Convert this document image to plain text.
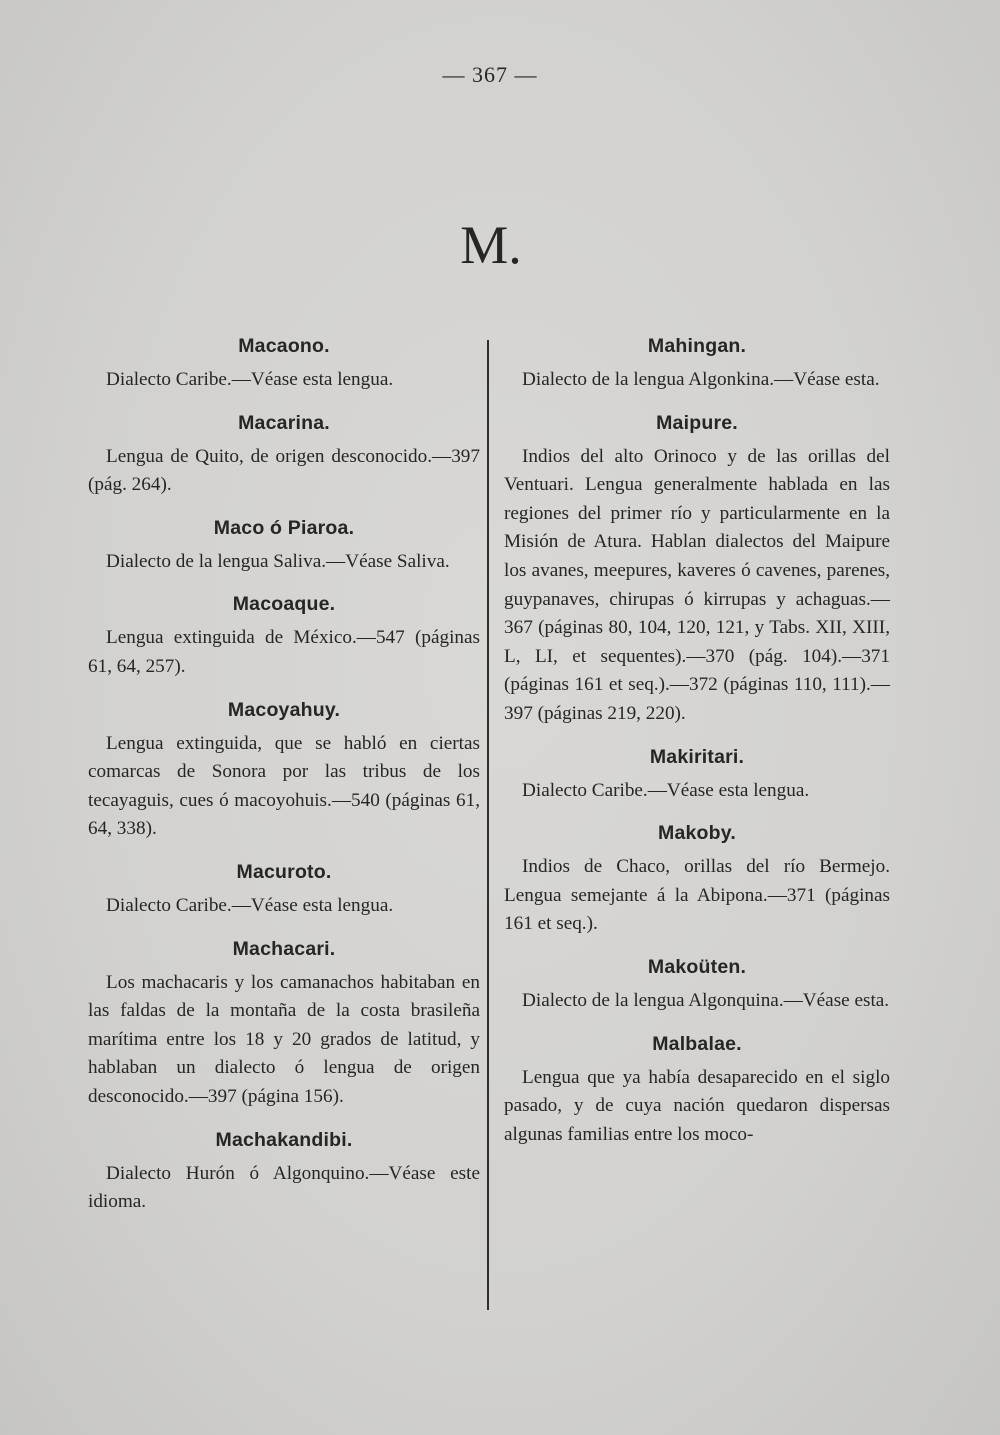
— 367 —
M.
Macaono.
Dialecto Caribe.—Véase esta lengua.
Macarina.
Lengua de Quito, de origen desconocido.—397 (pág. 264).
Maco ó Piaroa.
Dialecto de la lengua Saliva.—Véase Saliva.
Macoaque.
Lengua extinguida de México.—547 (páginas 61, 64, 257).
Macoyahuy.
Lengua extinguida, que se habló en ciertas comarcas de Sonora por las tribus de los tecayaguis, cues ó macoyohuis.—540 (páginas 61, 64, 338).
Macuroto.
Dialecto Caribe.—Véase esta lengua.
Machacari.
Los machacaris y los camanachos habitaban en las faldas de la montaña de la costa brasileña marítima entre los 18 y 20 grados de latitud, y hablaban un dialecto ó lengua de origen desconocido.—397 (página 156).
Machakandibi.
Dialecto Hurón ó Algonquino.—Véase este idioma.
Mahingan.
Dialecto de la lengua Algonkina.—Véase esta.
Maipure.
Indios del alto Orinoco y de las orillas del Ventuari. Lengua generalmente hablada en las regiones del primer río y particularmente en la Misión de Atura. Hablan dialectos del Maipure los avanes, meepures, kaveres ó cavenes, parenes, guypanaves, chirupas ó kirrupas y achaguas.—367 (páginas 80, 104, 120, 121, y Tabs. XII, XIII, L, LI, et sequentes).—370 (pág. 104).—371 (páginas 161 et seq.).—372 (páginas 110, 111).—397 (páginas 219, 220).
Makiritari.
Dialecto Caribe.—Véase esta lengua.
Makoby.
Indios de Chaco, orillas del río Bermejo. Lengua semejante á la Abipona.—371 (páginas 161 et seq.).
Makoüten.
Dialecto de la lengua Algonquina.—Véase esta.
Malbalae.
Lengua que ya había desaparecido en el siglo pasado, y de cuya nación quedaron dispersas algunas familias entre los moco-
